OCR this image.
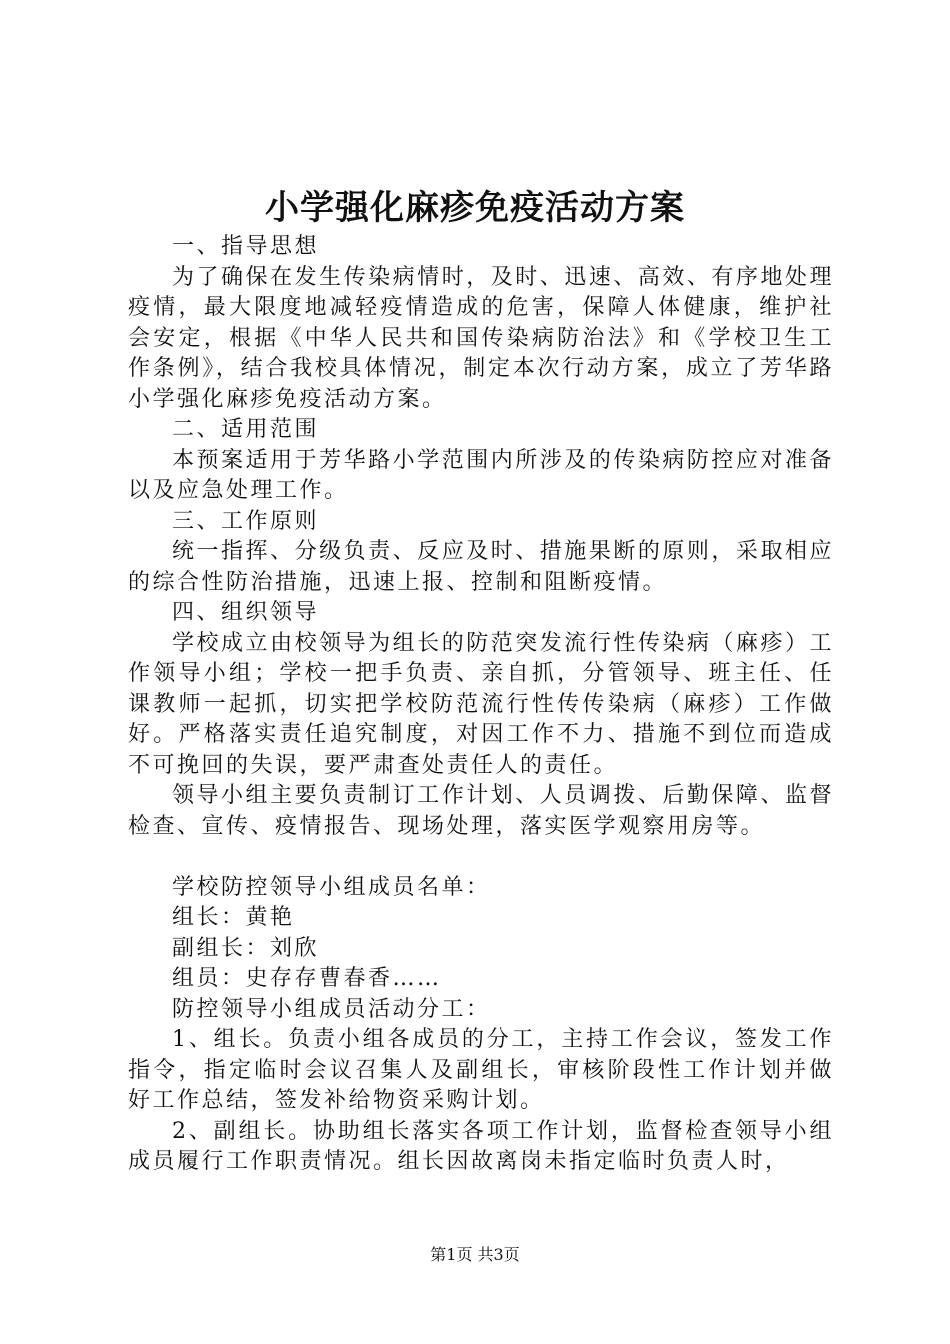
小学强化麻疹免疫活动方案

一、指导思想

为了确保在发生传染病情时，及时、迅速、高效、有序地处理疫情，最大限度地减轻疫情造成的危害，保障人体健康，维护社会安定，根据《中华人民共和国传染病防治法》和《学校卫生工作条例》，结合我校具体情况，制定本次行动方案，成立了芳华路小学强化麻疹免疫活动方案。

二、适用范围

本预案适用于芳华路小学范围内所涉及的传染病防控应对准备以及应急处理工作。

三、工作原则

统一指挥、分级负责、反应及时、措施果断的原则，采取相应的综合性防治措施，迅速上报、控制和阻断疫情。

四、组织领导

学校成立由校领导为组长的防范突发流行性传染病（麻疹）工作领导小组；学校一把手负责、亲自抓，分管领导、班主任、任课教师一起抓，切实把学校防范流行性传传染病（麻疹）工作做好。严格落实责任追究制度，对因工作不力、措施不到位而造成不可挽回的失误，要严肃查处责任人的责任。

领导小组主要负责制订工作计划、人员调拨、后勤保障、监督检查、宣传、疫情报告、现场处理，落实医学观察用房等。

学校防控领导小组成员名单：

组长：黄艳

副组长：刘欣

组员：史存存曹春香……

防控领导小组成员活动分工：

1、组长。负责小组各成员的分工，主持工作会议，签发工作指令，指定临时会议召集人及副组长，审核阶段性工作计划并做好工作总结，签发补给物资采购计划。

2、副组长。协助组长落实各项工作计划，监督检查领导小组成员履行工作职责情况。组长因故离岗未指定临时负责人时，

第1页 共3页
